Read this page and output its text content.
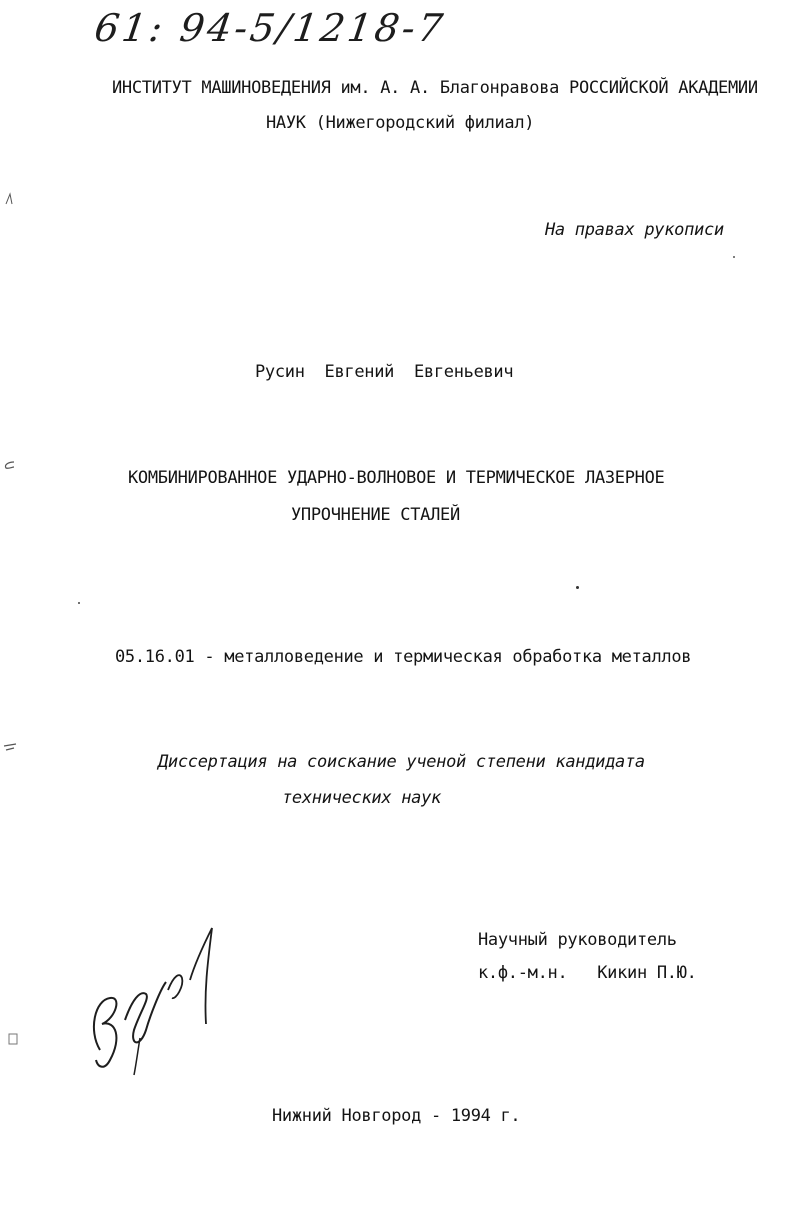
61: 94-5/1218-7
ИНСТИТУТ МАШИНОВЕДЕНИЯ им. А. А. Благонравова РОССИЙСКОЙ АКАДЕМИИ
НАУК (Нижегородский филиал)
На правах рукописи
Русин  Евгений  Евгеньевич
КОМБИНИРОВАННОЕ УДАРНО-ВОЛНОВОЕ И ТЕРМИЧЕСКОЕ ЛАЗЕРНОЕ
УПРОЧНЕНИЕ СТАЛЕЙ
05.16.01 - металловедение и термическая обработка металлов
Диссертация на соискание ученой степени кандидата
технических наук
Научный руководитель
к.ф.-м.н.   Кикин П.Ю.
Нижний Новгород - 1994 г.
